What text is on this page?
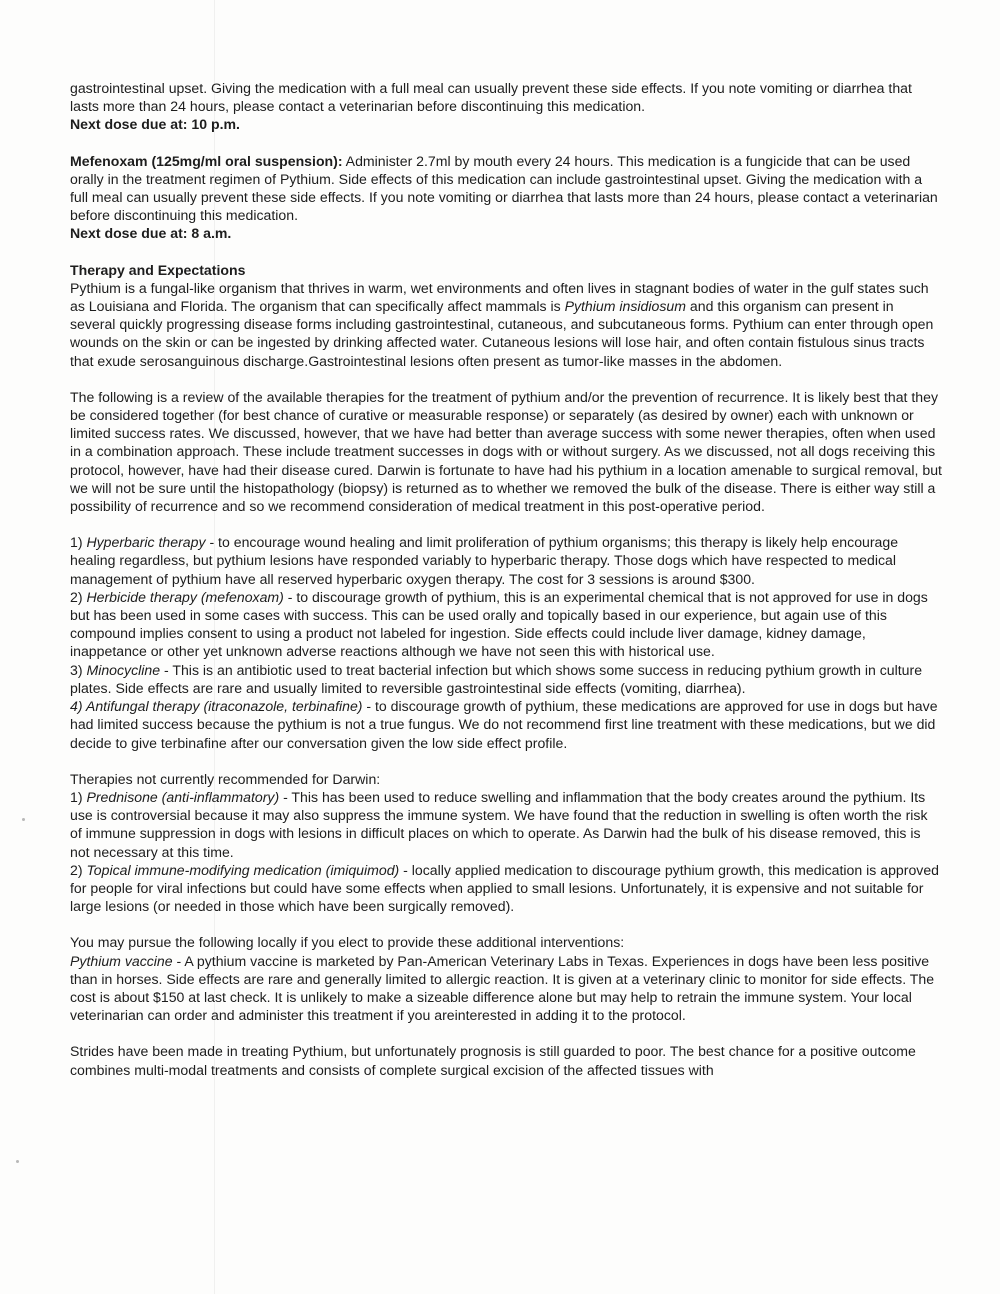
gastrointestinal upset. Giving the medication with a full meal can usually prevent these side effects. If you note vomiting or diarrhea that lasts more than 24 hours, please contact a veterinarian before discontinuing this medication.

Next dose due at: 10 p.m.

Mefenoxam (125mg/ml oral suspension): Administer 2.7ml by mouth every 24 hours. This medication is a fungicide that can be used orally in the treatment regimen of Pythium. Side effects of this medication can include gastrointestinal upset. Giving the medication with a full meal can usually prevent these side effects. If you note vomiting or diarrhea that lasts more than 24 hours, please contact a veterinarian before discontinuing this medication.

Next dose due at: 8 a.m.

Therapy and Expectations

Pythium is a fungal-like organism that thrives in warm, wet environments and often lives in stagnant bodies of water in the gulf states such as Louisiana and Florida. The organism that can specifically affect mammals is Pythium insidiosum and this organism can present in several quickly progressing disease forms including gastrointestinal, cutaneous, and subcutaneous forms. Pythium can enter through open wounds on the skin or can be ingested by drinking affected water. Cutaneous lesions will lose hair, and often contain fistulous sinus tracts that exude serosanguinous discharge.Gastrointestinal lesions often present as tumor-like masses in the abdomen.

The following is a review of the available therapies for the treatment of pythium and/or the prevention of recurrence. It is likely best that they be considered together (for best chance of curative or measurable response) or separately (as desired by owner) each with unknown or limited success rates. We discussed, however, that we have had better than average success with some newer therapies, often when used in a combination approach. These include treatment successes in dogs with or without surgery. As we discussed, not all dogs receiving this protocol, however, have had their disease cured. Darwin is fortunate to have had his pythium in a location amenable to surgical removal, but we will not be sure until the histopathology (biopsy) is returned as to whether we removed the bulk of the disease. There is either way still a possibility of recurrence and so we recommend consideration of medical treatment in this post-operative period.

1) Hyperbaric therapy - to encourage wound healing and limit proliferation of pythium organisms; this therapy is likely help encourage healing regardless, but pythium lesions have responded variably to hyperbaric therapy. Those dogs which have respected to medical management of pythium have all reserved hyperbaric oxygen therapy. The cost for 3 sessions is around $300.

2) Herbicide therapy (mefenoxam) - to discourage growth of pythium, this is an experimental chemical that is not approved for use in dogs but has been used in some cases with success. This can be used orally and topically based in our experience, but again use of this compound implies consent to using a product not labeled for ingestion. Side effects could include liver damage, kidney damage, inappetance or other yet unknown adverse reactions although we have not seen this with historical use.

3) Minocycline - This is an antibiotic used to treat bacterial infection but which shows some success in reducing pythium growth in culture plates. Side effects are rare and usually limited to reversible gastrointestinal side effects (vomiting, diarrhea).

4) Antifungal therapy (itraconazole, terbinafine) - to discourage growth of pythium, these medications are approved for use in dogs but have had limited success because the pythium is not a true fungus. We do not recommend first line treatment with these medications, but we did decide to give terbinafine after our conversation given the low side effect profile.

Therapies not currently recommended for Darwin:

1) Prednisone (anti-inflammatory) - This has been used to reduce swelling and inflammation that the body creates around the pythium. Its use is controversial because it may also suppress the immune system. We have found that the reduction in swelling is often worth the risk of immune suppression in dogs with lesions in difficult places on which to operate. As Darwin had the bulk of his disease removed, this is not necessary at this time.

2) Topical immune-modifying medication (imiquimod) - locally applied medication to discourage pythium growth, this medication is approved for people for viral infections but could have some effects when applied to small lesions. Unfortunately, it is expensive and not suitable for large lesions (or needed in those which have been surgically removed).

You may pursue the following locally if you elect to provide these additional interventions:

Pythium vaccine - A pythium vaccine is marketed by Pan-American Veterinary Labs in Texas. Experiences in dogs have been less positive than in horses. Side effects are rare and generally limited to allergic reaction. It is given at a veterinary clinic to monitor for side effects. The cost is about $150 at last check. It is unlikely to make a sizeable difference alone but may help to retrain the immune system. Your local veterinarian can order and administer this treatment if you areinterested in adding it to the protocol.

Strides have been made in treating Pythium, but unfortunately prognosis is still guarded to poor. The best chance for a positive outcome combines multi-modal treatments and consists of complete surgical excision of the affected tissues with
